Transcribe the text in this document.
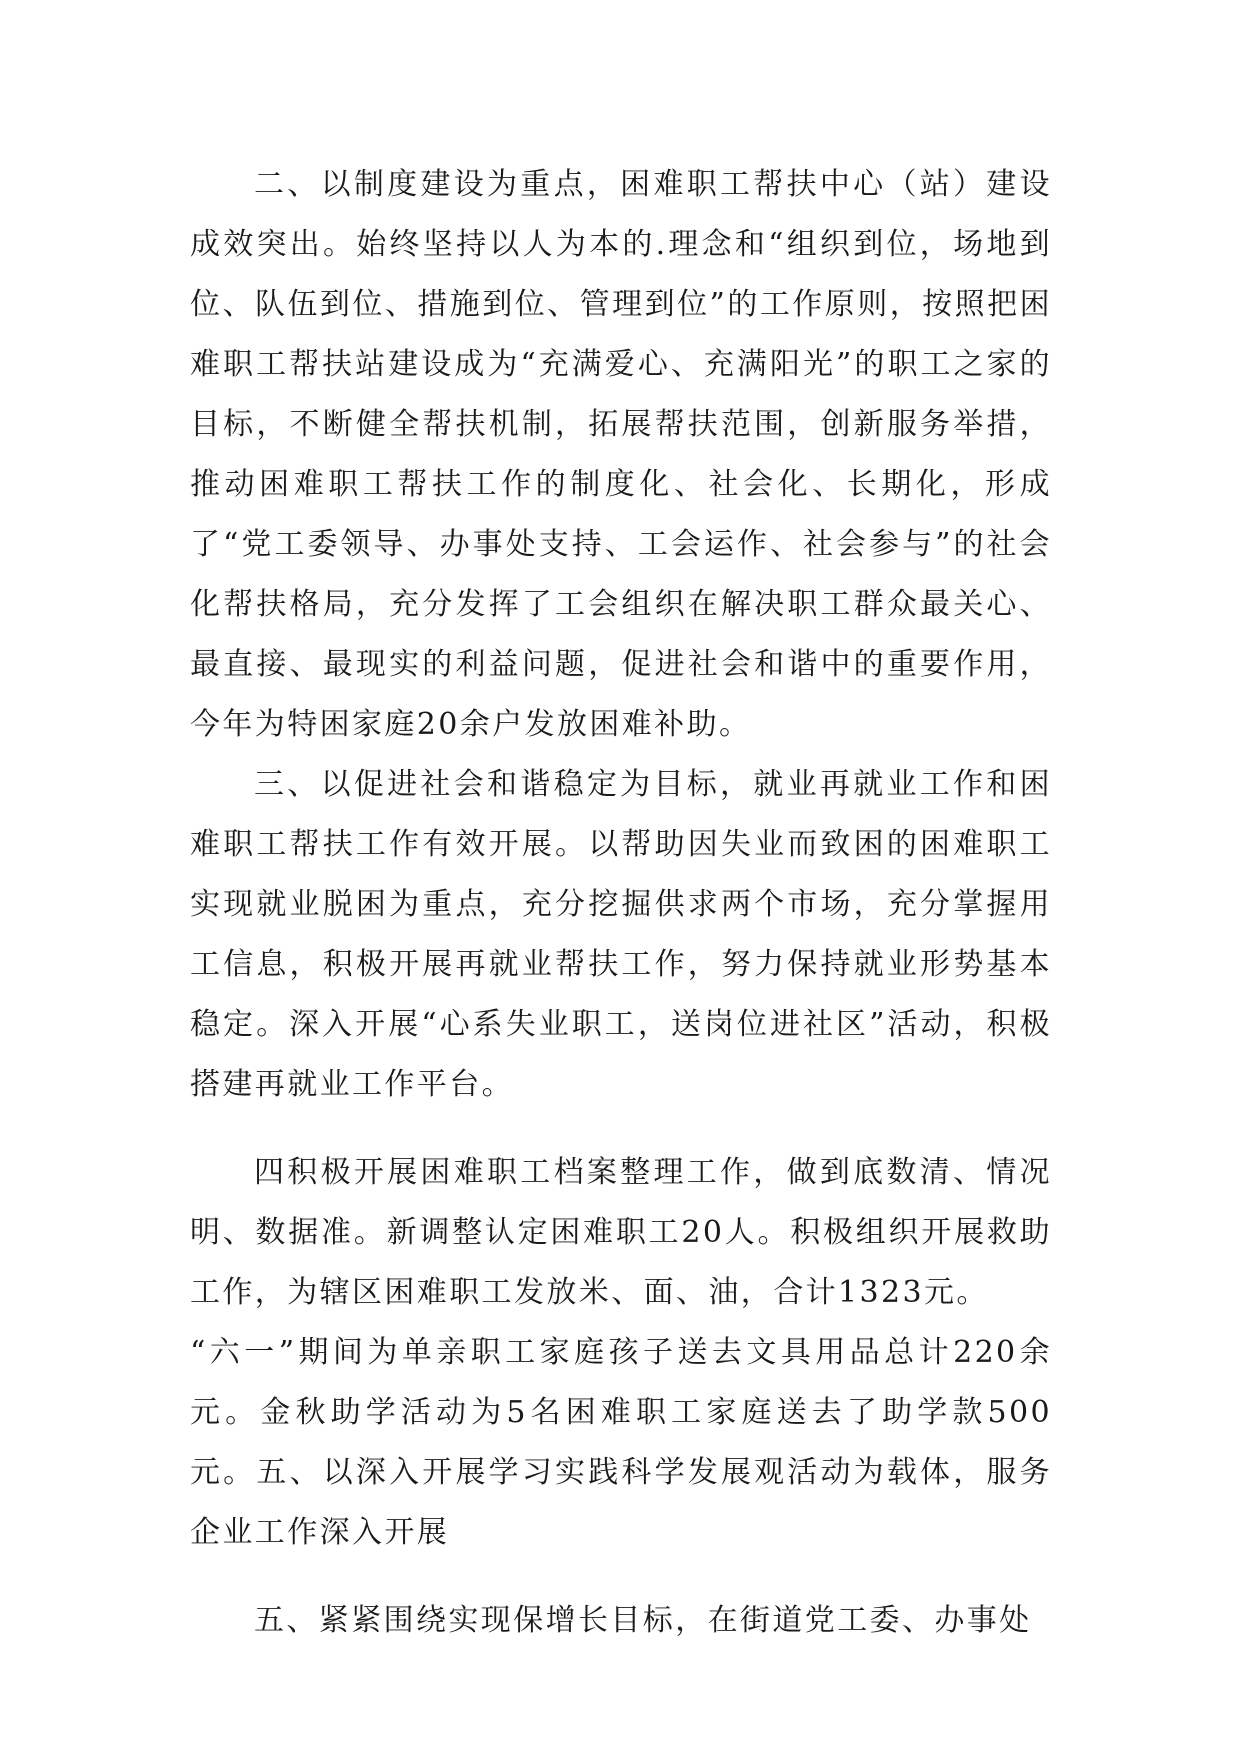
二、以制度建设为重点，困难职工帮扶中心（站）建设成效突出。始终坚持以人为本的.理念和“组织到位，场地到位、队伍到位、措施到位、管理到位”的工作原则，按照把困难职工帮扶站建设成为“充满爱心、充满阳光”的职工之家的目标，不断健全帮扶机制，拓展帮扶范围，创新服务举措，推动困难职工帮扶工作的制度化、社会化、长期化，形成了“党工委领导、办事处支持、工会运作、社会参与”的社会化帮扶格局，充分发挥了工会组织在解决职工群众最关心、最直接、最现实的利益问题，促进社会和谐中的重要作用，今年为特困家庭20余户发放困难补助。

三、以促进社会和谐稳定为目标，就业再就业工作和困难职工帮扶工作有效开展。以帮助因失业而致困的困难职工实现就业脱困为重点，充分挖掘供求两个市场，充分掌握用工信息，积极开展再就业帮扶工作，努力保持就业形势基本稳定。深入开展“心系失业职工，送岗位进社区”活动，积极搭建再就业工作平台。

四积极开展困难职工档案整理工作，做到底数清、情况明、数据准。新调整认定困难职工20人。积极组织开展救助工作，为辖区困难职工发放米、面、油，合计1323元。

“六一”期间为单亲职工家庭孩子送去文具用品总计220余元。金秋助学活动为5名困难职工家庭送去了助学款500元。五、以深入开展学习实践科学发展观活动为载体，服务企业工作深入开展

五、紧紧围绕实现保增长目标，在街道党工委、办事处
